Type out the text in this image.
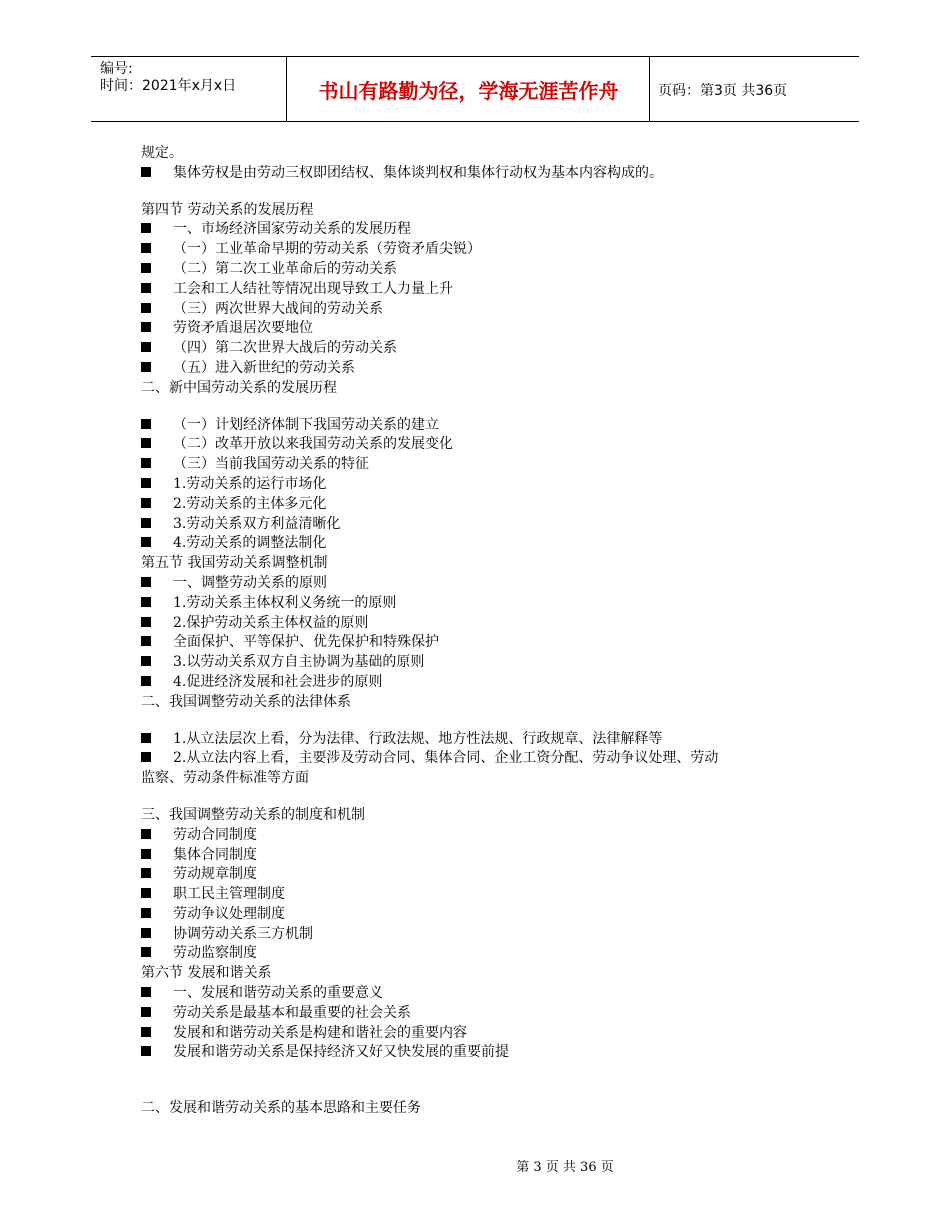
编号:
时间：2021年x月x日	书山有路勤为径，学海无涯苦作舟	页码：第3页 共36页
规定。
集体劳权是由劳动三权即团结权、集体谈判权和集体行动权为基本内容构成的。
第四节 劳动关系的发展历程
一、市场经济国家劳动关系的发展历程
（一）工业革命早期的劳动关系（劳资矛盾尖锐）
（二）第二次工业革命后的劳动关系
工会和工人结社等情况出现导致工人力量上升
（三）两次世界大战间的劳动关系
劳资矛盾退居次要地位
（四）第二次世界大战后的劳动关系
（五）进入新世纪的劳动关系
二、新中国劳动关系的发展历程
（一）计划经济体制下我国劳动关系的建立
（二）改革开放以来我国劳动关系的发展变化
（三）当前我国劳动关系的特征
1.劳动关系的运行市场化
2.劳动关系的主体多元化
3.劳动关系双方利益清晰化
4.劳动关系的调整法制化
第五节 我国劳动关系调整机制
一、调整劳动关系的原则
1.劳动关系主体权利义务统一的原则
2.保护劳动关系主体权益的原则
全面保护、平等保护、优先保护和特殊保护
3.以劳动关系双方自主协调为基础的原则
4.促进经济发展和社会进步的原则
二、我国调整劳动关系的法律体系
1.从立法层次上看，分为法律、行政法规、地方性法规、行政规章、法律解释等
2.从立法内容上看，主要涉及劳动合同、集体合同、企业工资分配、劳动争议处理、劳动
监察、劳动条件标准等方面
三、我国调整劳动关系的制度和机制
劳动合同制度
集体合同制度
劳动规章制度
职工民主管理制度
劳动争议处理制度
协调劳动关系三方机制
劳动监察制度
第六节 发展和谐关系
一、发展和谐劳动关系的重要意义
劳动关系是最基本和最重要的社会关系
发展和和谐劳动关系是构建和谐社会的重要内容
发展和谐劳动关系是保持经济又好又快发展的重要前提
二、发展和谐劳动关系的基本思路和主要任务
第 3 页 共 36 页
